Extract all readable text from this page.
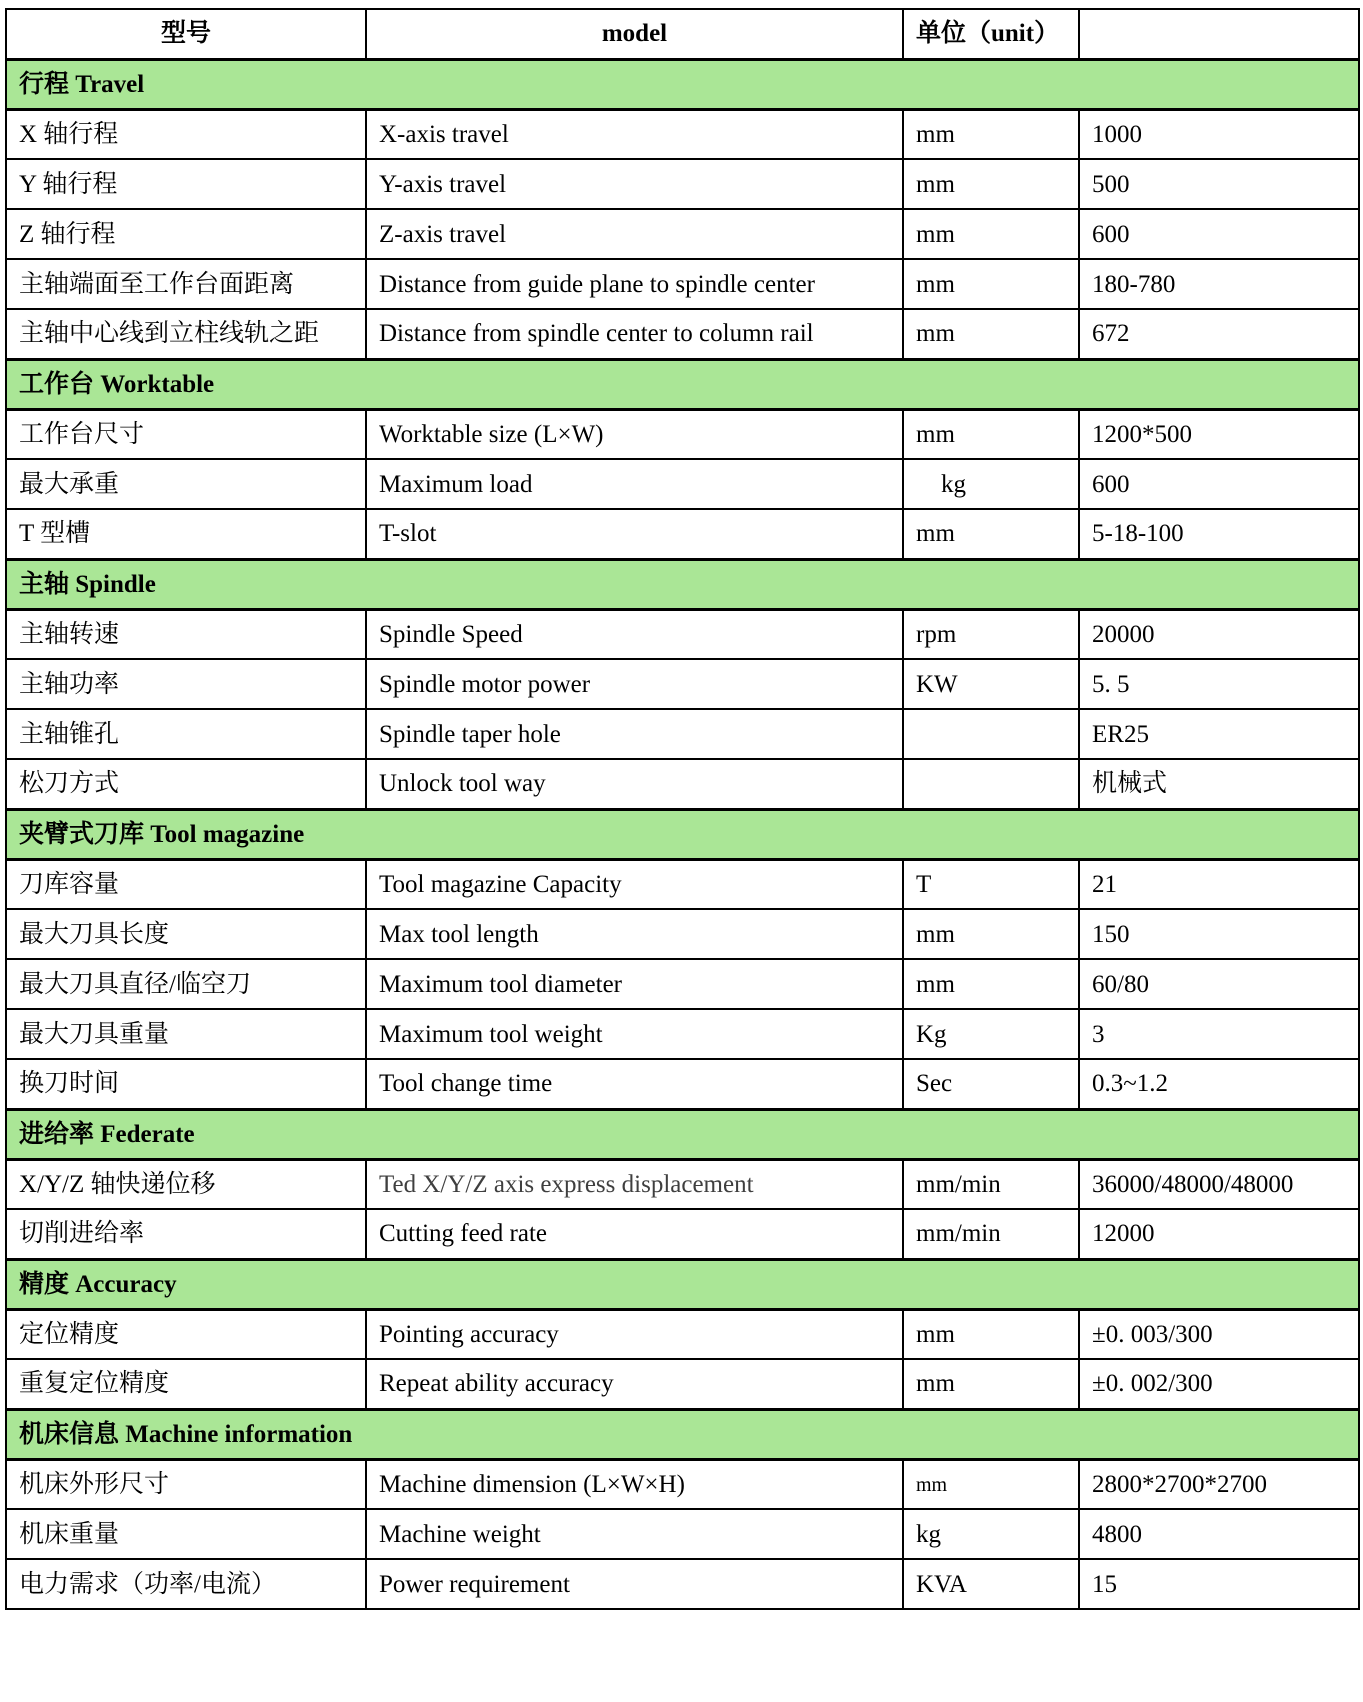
型号	model	单位（unit）	
行程 Travel			
X 轴行程	X-axis travel	mm	1000
Y 轴行程	Y-axis travel	mm	500
Z 轴行程	Z-axis travel	mm	600
主轴端面至工作台面距离	Distance from guide plane to spindle center	mm	180-780
主轴中心线到立柱线轨之距	Distance from spindle center to column rail	mm	672
工作台 Worktable			
工作台尺寸	Worktable size (L×W)	mm	1200*500
最大承重	Maximum load	　kg	600
T 型槽	T-slot	mm	5-18-100
主轴 Spindle			
主轴转速	Spindle Speed	rpm	20000
主轴功率	Spindle motor power	KW	5. 5
主轴锥孔	Spindle taper hole		ER25
松刀方式	Unlock tool way		机械式
夹臂式刀库 Tool magazine			
刀库容量	Tool magazine Capacity	T	21
最大刀具长度	Max tool length	mm	150
最大刀具直径/临空刀	Maximum tool diameter	mm	60/80
最大刀具重量	Maximum tool weight	Kg	3
换刀时间	Tool change time	Sec	0.3~1.2
进给率 Federate			
X/Y/Z 轴快递位移	Ted X/Y/Z axis express displacement	mm/min	36000/48000/48000
切削进给率	Cutting feed rate	mm/min	12000
精度 Accuracy			
定位精度	Pointing accuracy	mm	±0. 003/300
重复定位精度	Repeat ability accuracy	mm	±0. 002/300
机床信息 Machine information			
机床外形尺寸	Machine dimension (L×W×H)	mm	2800*2700*2700
机床重量	Machine weight	kg	4800
电力需求（功率/电流）	Power requirement	KVA	15
